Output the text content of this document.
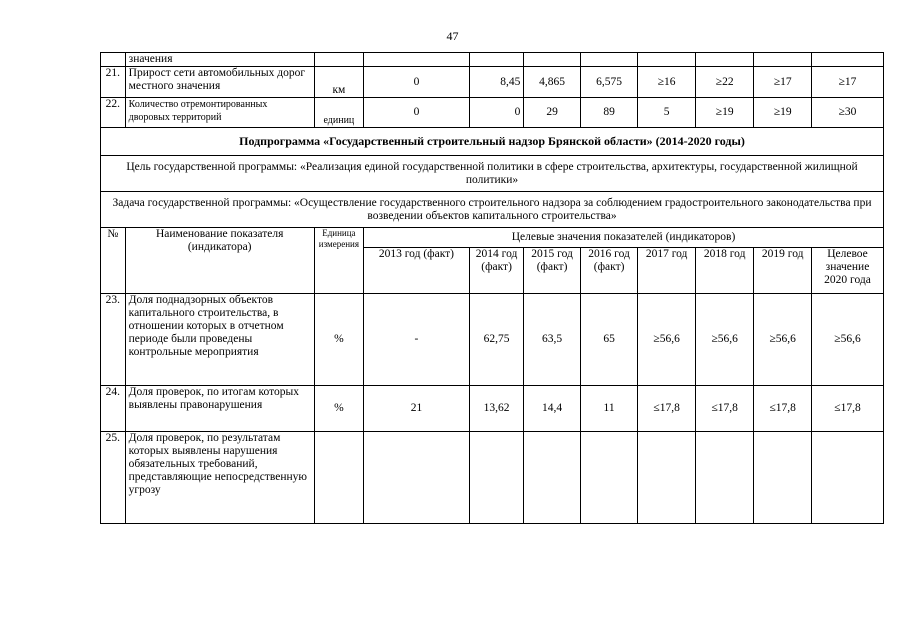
47
	значения									
21.	Прирост сети автомобильных дорог местного значения	км	0	8,45	4,865	6,575	≥16	≥22	≥17	≥17
22.	Количество отремонтированных дворовых территорий	единиц	0	0	29	89	5	≥19	≥19	≥30
Подпрограмма «Государственный строительный надзор Брянской области» (2014-2020 годы)										
Цель государственной программы: «Реализация единой государственной политики в сфере строительства, архитектуры, государственной жилищной политики»										
Задача государственной программы: «Осуществление государственного строительного надзора за соблюдением градостроительного законодательства при возведении объектов капитального строительства»										
№	Наименование показателя (индикатора)	Единица измерения	Целевые значения показателей (индикаторов)							
			2013 год (факт)	2014 год (факт)	2015 год (факт)	2016 год (факт)	2017 год	2018 год	2019 год	Целевое значение 2020 года
23.	Доля поднадзорных объектов капитального строительства, в отношении которых в отчетном периоде были проведены контрольные мероприятия	%	-	62,75	63,5	65	≥56,6	≥56,6	≥56,6	≥56,6
24.	Доля проверок, по итогам которых выявлены правонарушения	%	21	13,62	14,4	11	≤17,8	≤17,8	≤17,8	≤17,8
25.	Доля проверок, по результатам которых выявлены нарушения обязательных требований, представляющие непосредственную угрозу									
